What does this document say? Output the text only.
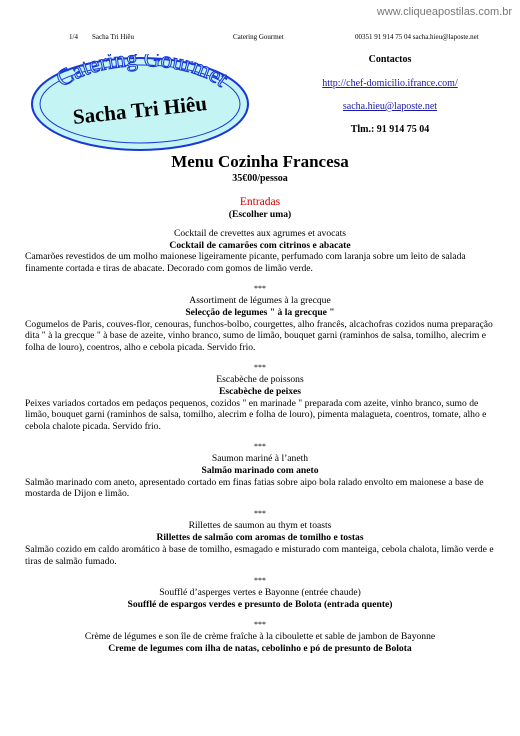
www.cliqueapostilas.com.br
1/4 Sacha Tri Hiêu	Catering Gourmet	00351 91 914 75 04 sacha.hieu@laposte.net
Catering Gourmet
Sacha Tri Hiêu
Contactos
http://chef-domicilio.ifrance.com/
sacha.hieu@laposte.net
Tlm.: 91 914 75 04
Menu Cozinha Francesa
35€00/pessoa
Entradas
(Escolher uma)
Cocktail de crevettes aux agrumes et avocats
Cocktail de camarões com citrinos e abacate
Camarões revestidos de um molho maionese ligeiramente picante, perfumado com laranja sobre um leito de salada finamente cortada e tiras de abacate. Decorado com gomos de limão verde.
***
Assortiment de légumes à la grecque
Selecção de legumes " à la grecque "
Cogumelos de Paris, couves-flor, cenouras, funchos-bolbo, courgettes, alho francês, alcachofras cozidos numa preparação dita " à la grecque " à base de azeite, vinho branco, sumo de limão, bouquet garni (raminhos de salsa, tomilho, alecrim e folha de louro), coentros, alho e cebola picada. Servido frio.
***
Escabèche de poissons
Escabèche de peixes
Peixes variados cortados em pedaços pequenos, cozidos " en marinade " preparada com azeite, vinho branco, sumo de limão, bouquet garni (raminhos de salsa, tomilho, alecrim e folha de louro), pimenta malagueta, coentros, tomate, alho e cebola chalote picada. Servido frio.
***
Saumon mariné à l’aneth
Salmão marinado com aneto
Salmão marinado com aneto, apresentado cortado em finas fatias sobre aipo bola ralado envolto em maionese a base de mostarda de Dijon e limão.
***
Rillettes de saumon au thym et toasts
Rillettes de salmão com aromas de tomilho e tostas
Salmão cozido em caldo aromático à base de tomilho, esmagado e misturado com manteiga, cebola chalota, limão verde e tiras de salmão fumado.
***
Soufflé d’asperges vertes e Bayonne (entrée chaude)
Soufflé de espargos verdes e presunto de Bolota (entrada quente)
***
Crème de légumes e son île de crème fraîche à la ciboulette et sable de jambon de Bayonne
Creme de legumes com ilha de natas, cebolinho e pó de presunto de Bolota
